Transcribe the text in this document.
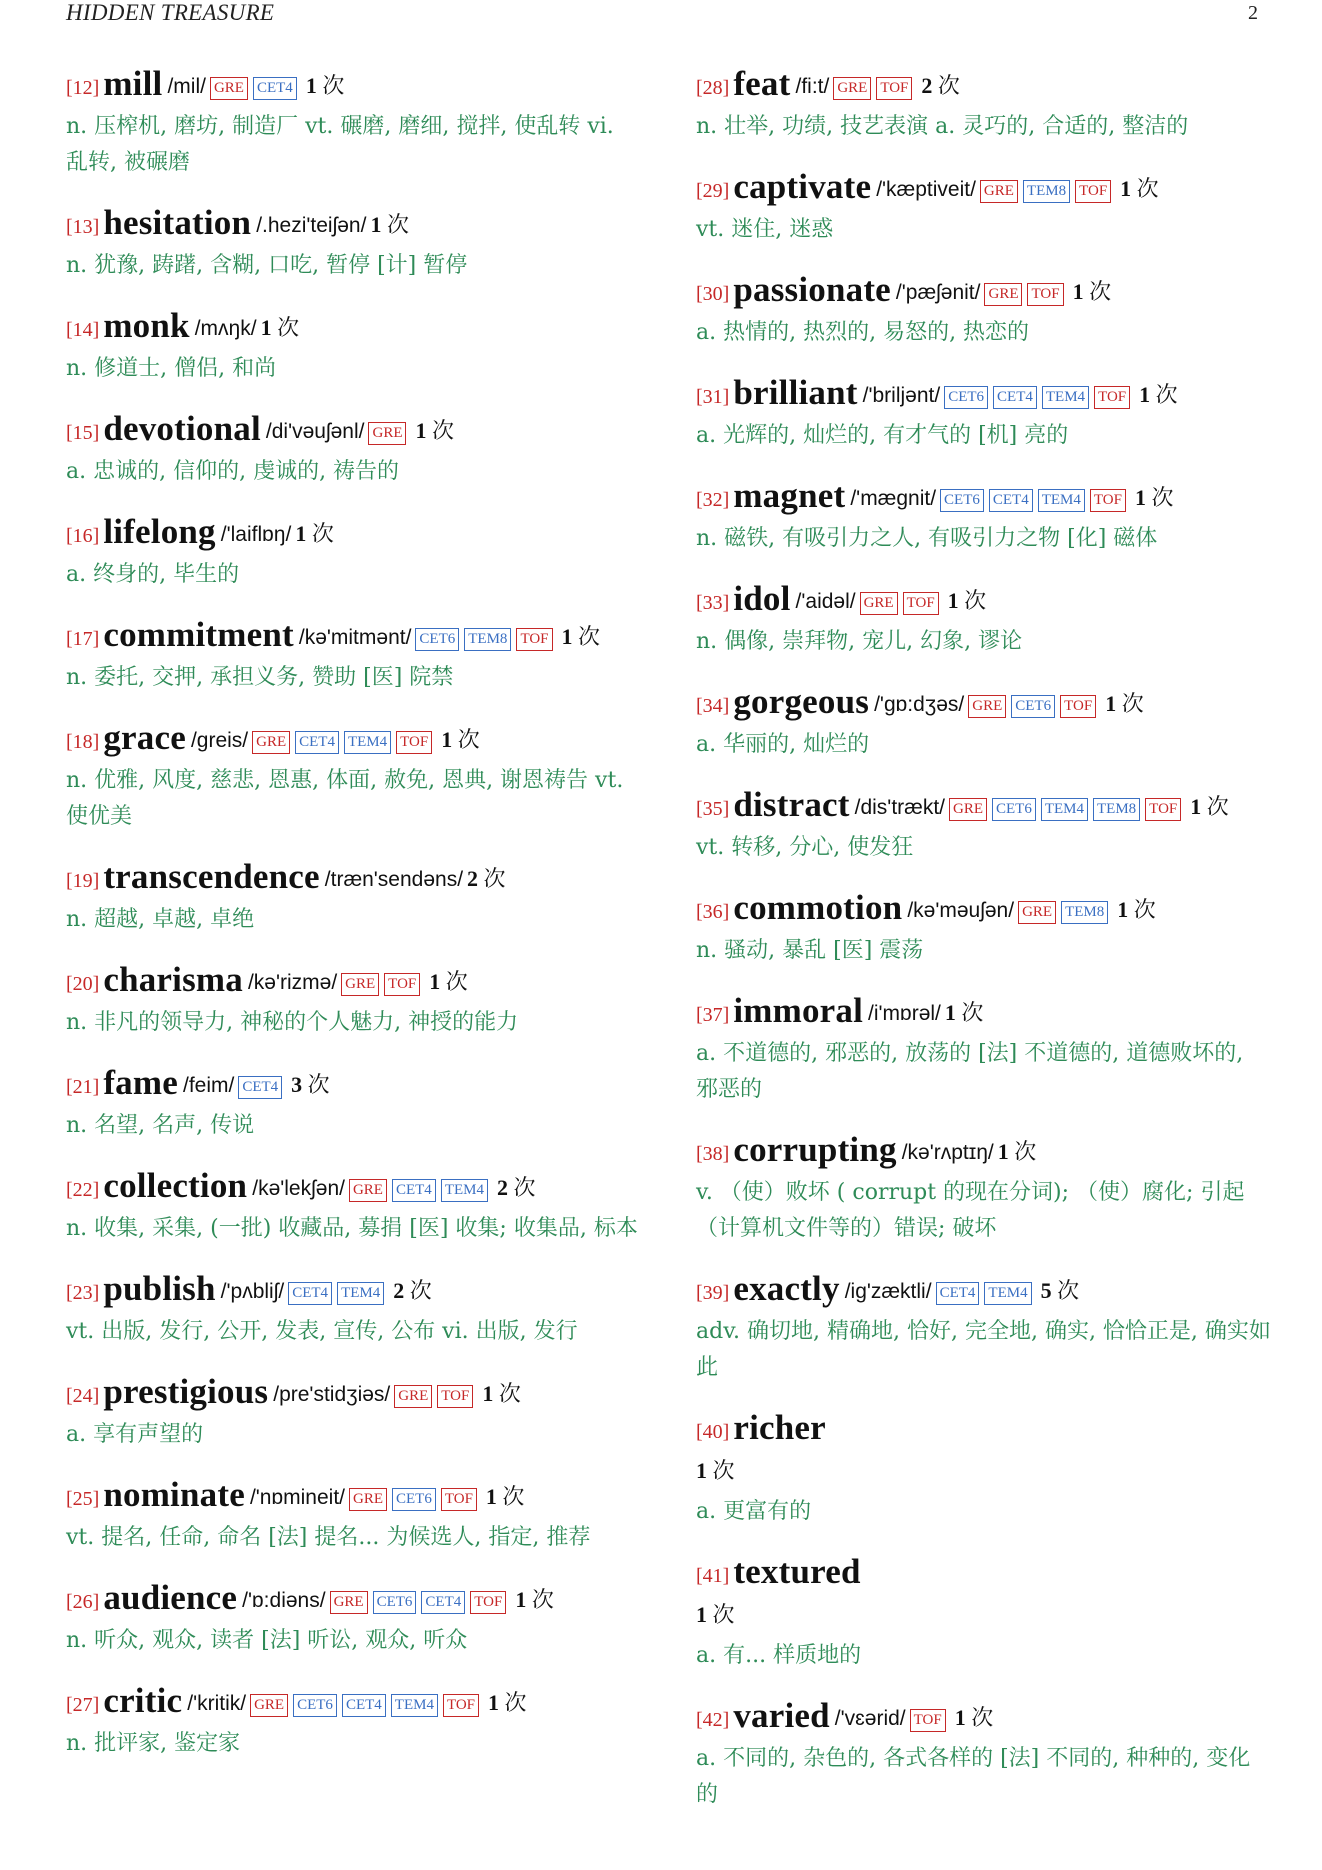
HIDDEN TREASURE	2
[12] mill /mil/ GRE CET4 1 次
n. 压榨机, 磨坊, 制造厂 vt. 碾磨, 磨细, 搅拌, 使乱转 vi. 乱转, 被碾磨
[13] hesitation /.hezi'teiʃən/ 1 次
n. 犹豫, 踌躇, 含糊, 口吃, 暂停 [计] 暂停
[14] monk /mʌŋk/ 1 次
n. 修道士, 僧侣, 和尚
[15] devotional /di'vəuʃənl/ GRE 1 次
a. 忠诚的, 信仰的, 虔诚的, 祷告的
[16] lifelong /'laiflɒŋ/ 1 次
a. 终身的, 毕生的
[17] commitment /kə'mitmənt/ CET6 TEM8 TOF 1 次
n. 委托, 交押, 承担义务, 赞助 [医] 院禁
[18] grace /greis/ GRE CET4 TEM4 TOF 1 次
n. 优雅, 风度, 慈悲, 恩惠, 体面, 赦免, 恩典, 谢恩祷告 vt. 使优美
[19] transcendence /træn'sendəns/ 2 次
n. 超越, 卓越, 卓绝
[20] charisma /kə'rizmə/ GRE TOF 1 次
n. 非凡的领导力, 神秘的个人魅力, 神授的能力
[21] fame /feim/ CET4 3 次
n. 名望, 名声, 传说
[22] collection /kə'lekʃən/ GRE CET4 TEM4 2 次
n. 收集, 采集, (一批) 收藏品, 募捐 [医] 收集; 收集品, 标本
[23] publish /'pʌbliʃ/ CET4 TEM4 2 次
vt. 出版, 发行, 公开, 发表, 宣传, 公布 vi. 出版, 发行
[24] prestigious /pre'stidʒiəs/ GRE TOF 1 次
a. 享有声望的
[25] nominate /'nɒmineit/ GRE CET6 TOF 1 次
vt. 提名, 任命, 命名 [法] 提名... 为候选人, 指定, 推荐
[26] audience /'ɒ:diəns/ GRE CET6 CET4 TOF 1 次
n. 听众, 观众, 读者 [法] 听讼, 观众, 听众
[27] critic /'kritik/ GRE CET6 CET4 TEM4 TOF 1 次
n. 批评家, 鉴定家
[28] feat /fi:t/ GRE TOF 2 次
n. 壮举, 功绩, 技艺表演 a. 灵巧的, 合适的, 整洁的
[29] captivate /'kæptiveit/ GRE TEM8 TOF 1 次
vt. 迷住, 迷惑
[30] passionate /'pæʃənit/ GRE TOF 1 次
a. 热情的, 热烈的, 易怒的, 热恋的
[31] brilliant /'briljənt/ CET6 CET4 TEM4 TOF 1 次
a. 光辉的, 灿烂的, 有才气的 [机] 亮的
[32] magnet /'mægnit/ CET6 CET4 TEM4 TOF 1 次
n. 磁铁, 有吸引力之人, 有吸引力之物 [化] 磁体
[33] idol /'aidəl/ GRE TOF 1 次
n. 偶像, 崇拜物, 宠儿, 幻象, 谬论
[34] gorgeous /'gɒ:dʒəs/ GRE CET6 TOF 1 次
a. 华丽的, 灿烂的
[35] distract /dis'trækt/ GRE CET6 TEM4 TEM8 TOF 1 次
vt. 转移, 分心, 使发狂
[36] commotion /kə'məuʃən/ GRE TEM8 1 次
n. 骚动, 暴乱 [医] 震荡
[37] immoral /i'mɒrəl/ 1 次
a. 不道德的, 邪恶的, 放荡的 [法] 不道德的, 道德败坏的, 邪恶的
[38] corrupting /kə'rʌptɪŋ/ 1 次
v. （使）败坏 ( corrupt 的现在分词); （使）腐化; 引起（计算机文件等的）错误; 破坏
[39] exactly /ig'zæktli/ CET4 TEM4 5 次
adv. 确切地, 精确地, 恰好, 完全地, 确实, 恰恰正是, 确实如此
[40] richer
1 次
a. 更富有的
[41] textured
1 次
a. 有... 样质地的
[42] varied /'vɛərid/ TOF 1 次
a. 不同的, 杂色的, 各式各样的 [法] 不同的, 种种的, 变化的
